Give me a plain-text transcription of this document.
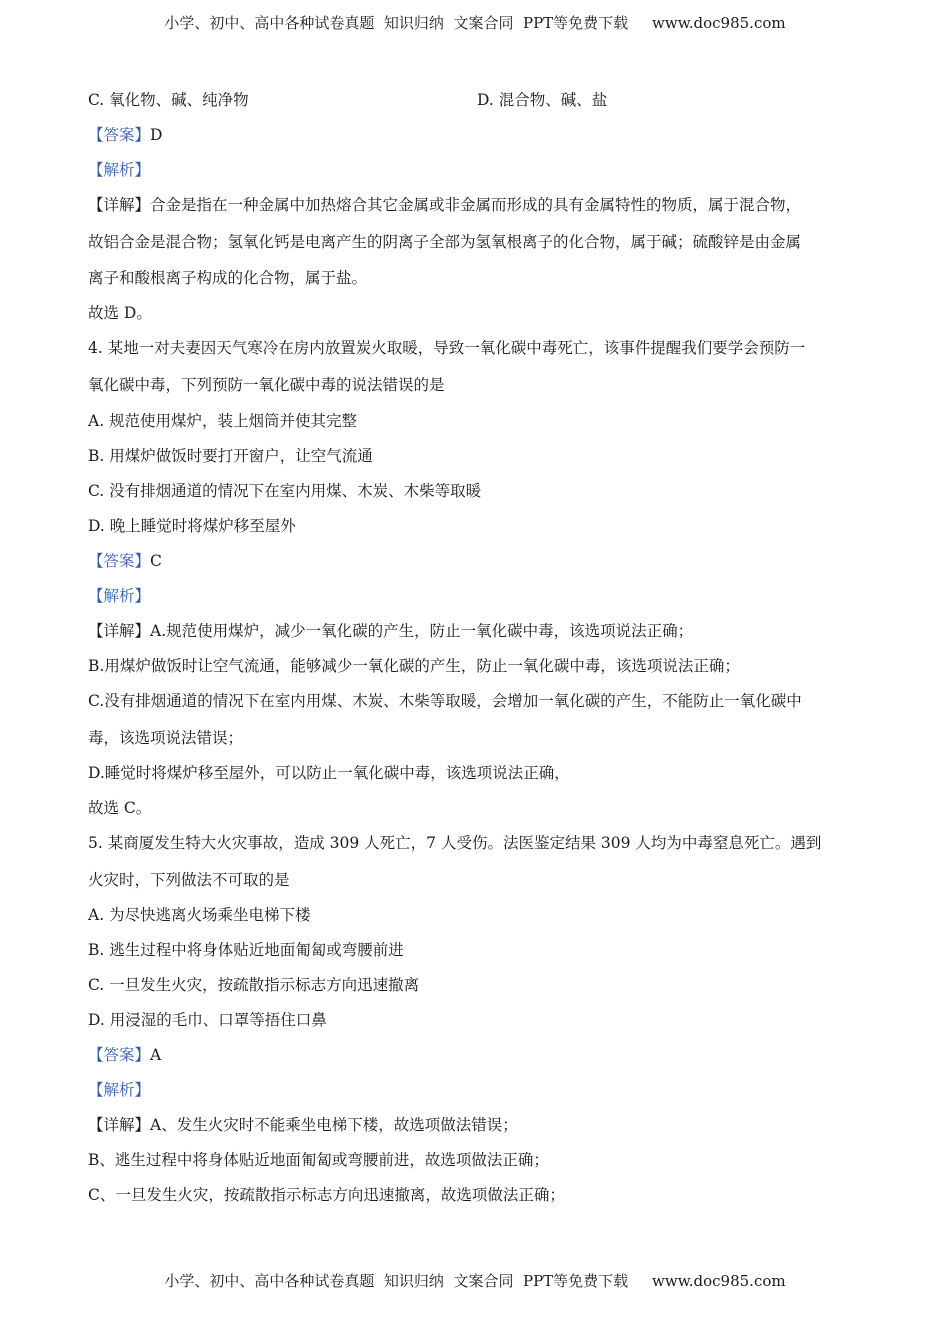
小学、初中、高中各种试卷真题  知识归纳  文案合同  PPT等免费下载     www.doc985.com
C. 氧化物、碱、纯净物	D. 混合物、碱、盐
【答案】D
【解析】
【详解】合金是指在一种金属中加热熔合其它金属或非金属而形成的具有金属特性的物质，属于混合物，
故铝合金是混合物；氢氧化钙是电离产生的阴离子全部为氢氧根离子的化合物，属于碱；硫酸锌是由金属
离子和酸根离子构成的化合物，属于盐。
故选 D。
4. 某地一对夫妻因天气寒冷在房内放置炭火取暖，导致一氧化碳中毒死亡，该事件提醒我们要学会预防一
氧化碳中毒，下列预防一氧化碳中毒的说法错误的是
A. 规范使用煤炉，装上烟筒并使其完整
B. 用煤炉做饭时要打开窗户，让空气流通
C. 没有排烟通道的情况下在室内用煤、木炭、木柴等取暖
D. 晚上睡觉时将煤炉移至屋外
【答案】C
【解析】
【详解】A.规范使用煤炉，减少一氧化碳的产生，防止一氧化碳中毒，该选项说法正确；
B.用煤炉做饭时让空气流通，能够减少一氧化碳的产生，防止一氧化碳中毒，该选项说法正确；
C.没有排烟通道的情况下在室内用煤、木炭、木柴等取暖，会增加一氧化碳的产生，不能防止一氧化碳中
毒，该选项说法错误；
D.睡觉时将煤炉移至屋外，可以防止一氧化碳中毒，该选项说法正确，
故选 C。
5. 某商厦发生特大火灾事故，造成 309 人死亡，7 人受伤。法医鉴定结果 309 人均为中毒窒息死亡。遇到
火灾时，下列做法不可取的是
A. 为尽快逃离火场乘坐电梯下楼
B. 逃生过程中将身体贴近地面匍匐或弯腰前进
C. 一旦发生火灾，按疏散指示标志方向迅速撤离
D. 用浸湿的毛巾、口罩等捂住口鼻
【答案】A
【解析】
【详解】A、发生火灾时不能乘坐电梯下楼，故选项做法错误；
B、逃生过程中将身体贴近地面匍匐或弯腰前进，故选项做法正确；
C、一旦发生火灾，按疏散指示标志方向迅速撤离，故选项做法正确；
小学、初中、高中各种试卷真题  知识归纳  文案合同  PPT等免费下载     www.doc985.com
